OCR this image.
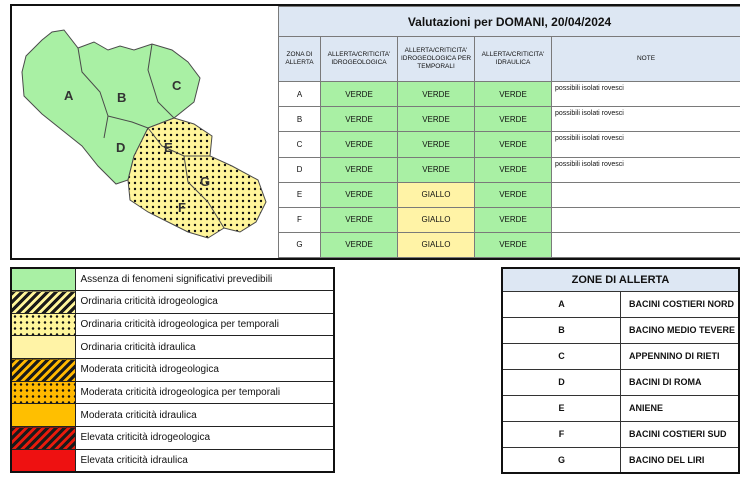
A	B
C
D	E
G
F
Valutazioni per DOMANI, 20/04/2024				
ZONA DI ALLERTA	ALLERTA/CRITICITA' IDROGEOLOGICA	ALLERTA/CRITICITA' IDROGEOLOGICA PER TEMPORALI	ALLERTA/CRITICITA' IDRAULICA	NOTE
A	VERDE	VERDE	VERDE	possibili isolati rovesci
B	VERDE	VERDE	VERDE	possibili isolati rovesci
C	VERDE	VERDE	VERDE	possibili isolati rovesci
D	VERDE	VERDE	VERDE	possibili isolati rovesci
E	VERDE	GIALLO	VERDE	
F	VERDE	GIALLO	VERDE	
G	VERDE	GIALLO	VERDE	
	Assenza di fenomeni significativi prevedibili
	Ordinaria criticità idrogeologica
	Ordinaria criticità idrogeologica per temporali
	Ordinaria criticità idraulica
	Moderata criticità idrogeologica
	Moderata criticità idrogeologica per temporali
	Moderata criticità idraulica
	Elevata criticità idrogeologica
	Elevata criticità idraulica
ZONE DI ALLERTA	
A	BACINI COSTIERI NORD
B	BACINO MEDIO TEVERE
C	APPENNINO DI RIETI
D	BACINI DI ROMA
E	ANIENE
F	BACINI COSTIERI SUD
G	BACINO DEL LIRI
